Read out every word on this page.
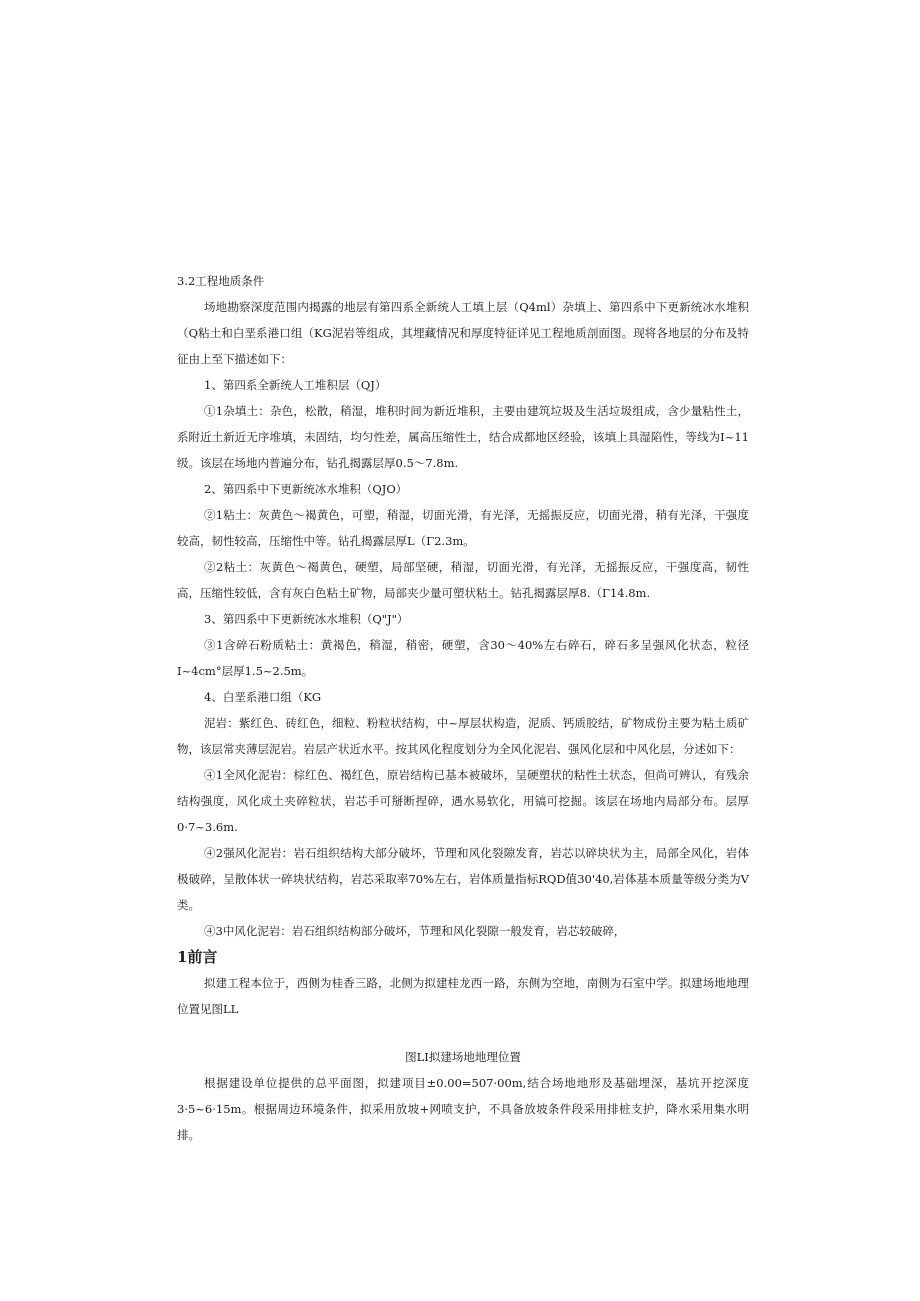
3.2工程地质条件
场地勘察深度范围内揭露的地层有第四系全新统人工填上层（Q4ml）杂填上、第四系中下更新统冰水堆积（Q粘土和白垩系港口组（KG泥岩等组成，其埋藏情况和厚度特征详见工程地质剖面图。现将各地层的分布及特征由上至下描述如下：
1、第四系全新统人工堆积层（QJ）
①1杂填土：杂色，松散，稍湿，堆积时间为新近堆积，主要由建筑垃圾及生活垃圾组成，含少量粘性土，系附近土新近无序堆填，未固结，均匀性差，属高压缩性土，结合成都地区经验，该填上具湿陷性，等线为I~11级。该层在场地内普遍分布，钻孔揭露层厚0.5～7.8m.
2、第四系中下更新统冰水堆积（QJO）
②1粘土：灰黄色～褐黄色，可塑，稍湿，切面光滑，有光泽，无摇振反应，切面光滑，稍有光泽，干强度较高，韧性较高，压缩性中等。钻孔揭露层厚L（Γ2.3m。
②2粘土：灰黄色～褐黄色，硬塑，局部坚硬，稍湿，切面光滑，有光泽，无摇振反应，干强度高，韧性高，压缩性较低，含有灰白色粘土矿物，局部夹少量可塑状粘土。钻孔揭露层厚8.（Γ14.8m.
3、第四系中下更新统冰水堆积（Q"J"）
③1含碎石粉质粘土：黄褐色，稍湿，稍密，硬塑，含30～40%左右碎石，碎石多呈强风化状态，粒径I~4cm°层厚1.5~2.5m。
4、白垩系港口组（KG
泥岩：紫红色、砖红色，细粒、粉粒状结构，中~厚层状构造，泥质、钙质胶结，矿物成份主要为粘土质矿物，该层常夹薄层泥岩。岩层产状近水平。按其风化程度划分为全风化泥岩、强风化层和中风化层，分述如下：
④1全风化泥岩：棕红色、褐红色，原岩结构已基本被破坏，呈硬塑状的粘性土状态，但尚可辨认，有残余结构强度，风化成土夹碎粒状，岩芯手可掰断捏碎，遇水易软化，用镐可挖掘。该层在场地内局部分布。层厚0·7~3.6m.
④2强风化泥岩：岩石组织结构大部分破坏，节理和风化裂隙发育，岩芯以碎块状为主，局部全风化，岩体极破碎，呈散体状一碎块状结构，岩芯采取率70%左右，岩体质量指标RQD值30'40,岩体基本质量等级分类为V类。
④3中风化泥岩：岩石组织结构部分破坏，节理和风化裂隙一般发育，岩芯较破碎，
1前言
拟建工程本位于，西侧为桂香三路，北侧为拟建桂龙西一路，东侧为空地，南侧为石室中学。拟建场地地理位置见图LL
图LI拟建场地地理位置
根据建设单位提供的总平面图，拟建项目±0.00=507·00m,结合场地地形及基础埋深，基坑开挖深度3·5~6·15m。根据周边环境条件，拟采用放坡+网喷支护，不具备放坡条件段采用排桩支护，降水采用集水明排。
